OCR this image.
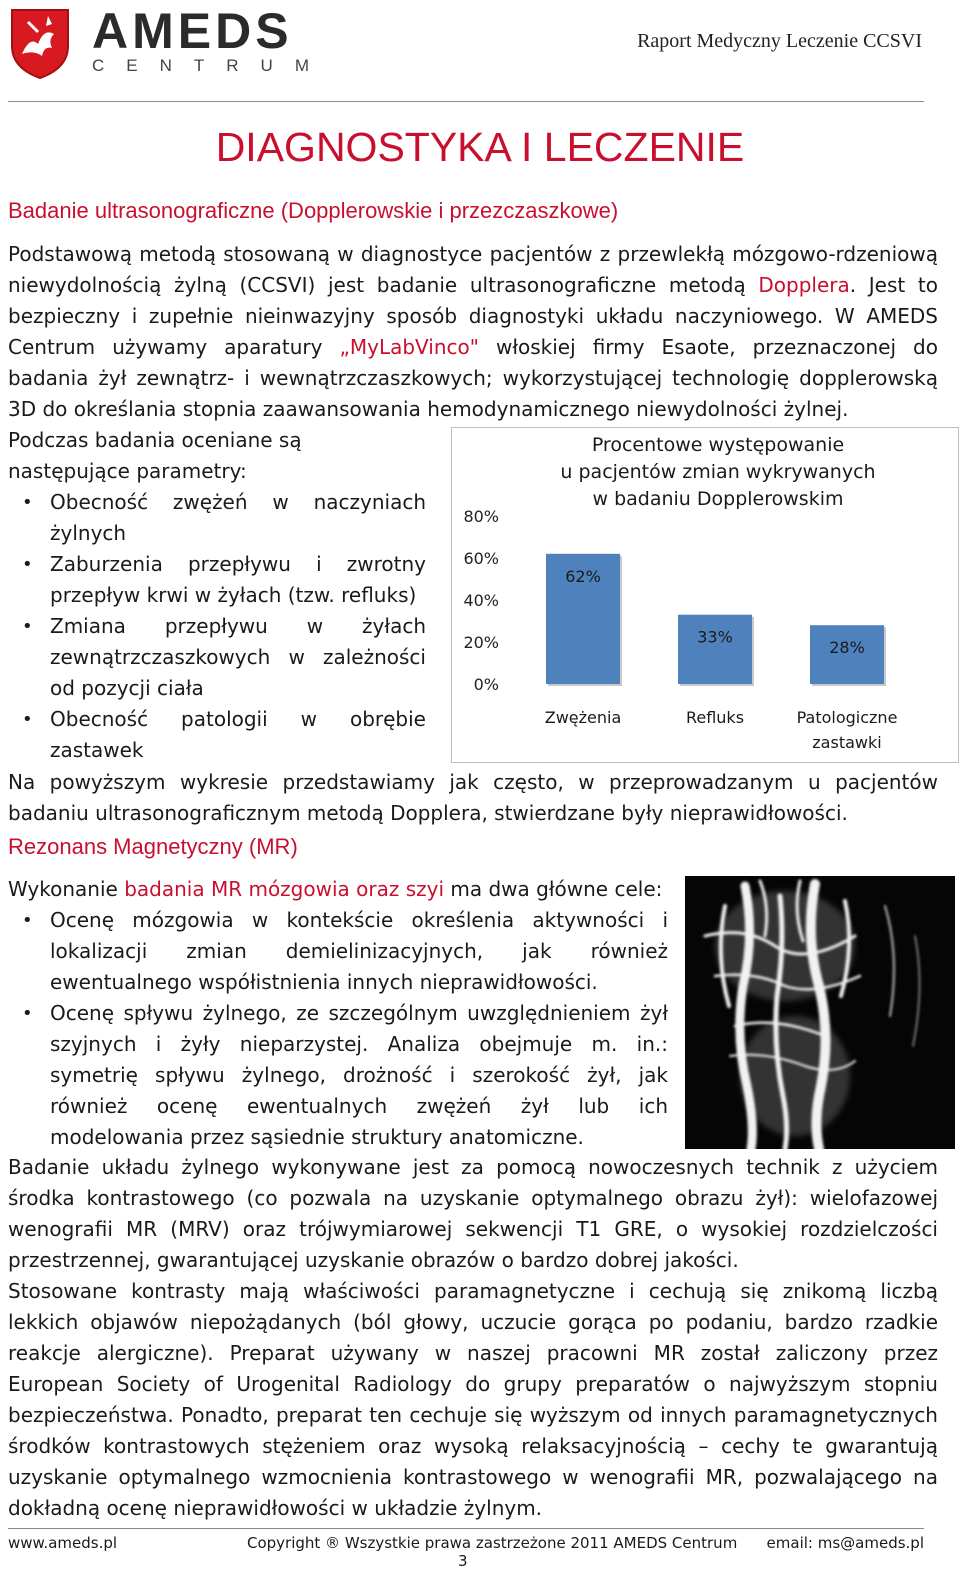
AMEDS
CENTRUM
Raport Medyczny Leczenie CCSVI
DIAGNOSTYKA I LECZENIE
Badanie ultrasonograficzne (Dopplerowskie i przezczaszkowe)

Podstawową metodą stosowaną w diagnostyce pacjentów z przewlekłą mózgowo-rdzeniową niewydolnością żylną (CCSVI) jest badanie ultrasonograficzne metodą Dopplera. Jest to bezpieczny i zupełnie nieinwazyjny sposób diagnostyki układu naczyniowego. W AMEDS Centrum używamy aparatury „MyLabVinco" włoskiej firmy Esaote, przeznaczonej do badania żył zewnątrz- i wewnątrzczaszkowych; wykorzystującej technologię dopplerowską 3D do określania stopnia zaawansowania hemodynamicznego niewydolności żylnej.

Podczas badania oceniane są następujące parametry:

• Obecność zwężeń w naczyniach żylnych
• Zaburzenia przepływu i zwrotny przepływ krwi w żyłach (tzw. refluks)
• Zmiana przepływu w żyłach zewnątrzczaszkowych w zależności od pozycji ciała
• Obecność patologii w obrębie zastawek
Procentowe występowanie
u pacjentów zmian wykrywanych
w badaniu Dopplerowskim
80%
60%
40%
20%
0%
62%
Zwężenia
33%
Refluks
28%
Patologiczne
zastawki

Na powyższym wykresie przedstawiamy jak często, w przeprowadzanym u pacjentów badaniu ultrasonograficznym metodą Dopplera, stwierdzane były nieprawidłowości.

Rezonans Magnetyczny (MR)

Wykonanie badania MR mózgowia oraz szyi ma dwa główne cele:

• Ocenę mózgowia w kontekście określenia aktywności i lokalizacji zmian demielinizacyjnych, jak również ewentualnego współistnienia innych nieprawidłowości.
• Ocenę spływu żylnego, ze szczególnym uwzględnieniem żył szyjnych i żyły nieparzystej. Analiza obejmuje m. in.: symetrię spływu żylnego, drożność i szerokość żył, jak również ocenę ewentualnych zwężeń żył lub ich modelowania przez sąsiednie struktury anatomiczne.

Badanie układu żylnego wykonywane jest za pomocą nowoczesnych technik z użyciem środka kontrastowego (co pozwala na uzyskanie optymalnego obrazu żył): wielofazowej wenografii MR (MRV) oraz trójwymiarowej sekwencji T1 GRE, o wysokiej rozdzielczości przestrzennej, gwarantującej uzyskanie obrazów o bardzo dobrej jakości.

Stosowane kontrasty mają właściwości paramagnetyczne i cechują się znikomą liczbą lekkich objawów niepożądanych (ból głowy, uczucie gorąca po podaniu, bardzo rzadkie reakcje alergiczne). Preparat używany w naszej pracowni MR został zaliczony przez European Society of Urogenital Radiology do grupy preparatów o najwyższym stopniu bezpieczeństwa. Ponadto, preparat ten cechuje się wyższym od innych paramagnetycznych środków kontrastowych stężeniem oraz wysoką relaksacyjnością – cechy te gwarantują uzyskanie optymalnego wzmocnienia kontrastowego w wenografii MR, pozwalającego na dokładną ocenę nieprawidłowości w układzie żylnym.

www.ameds.pl	Copyright ® Wszystkie prawa zastrzeżone 2011 AMEDS Centrum email: ms@ameds.pl
3
